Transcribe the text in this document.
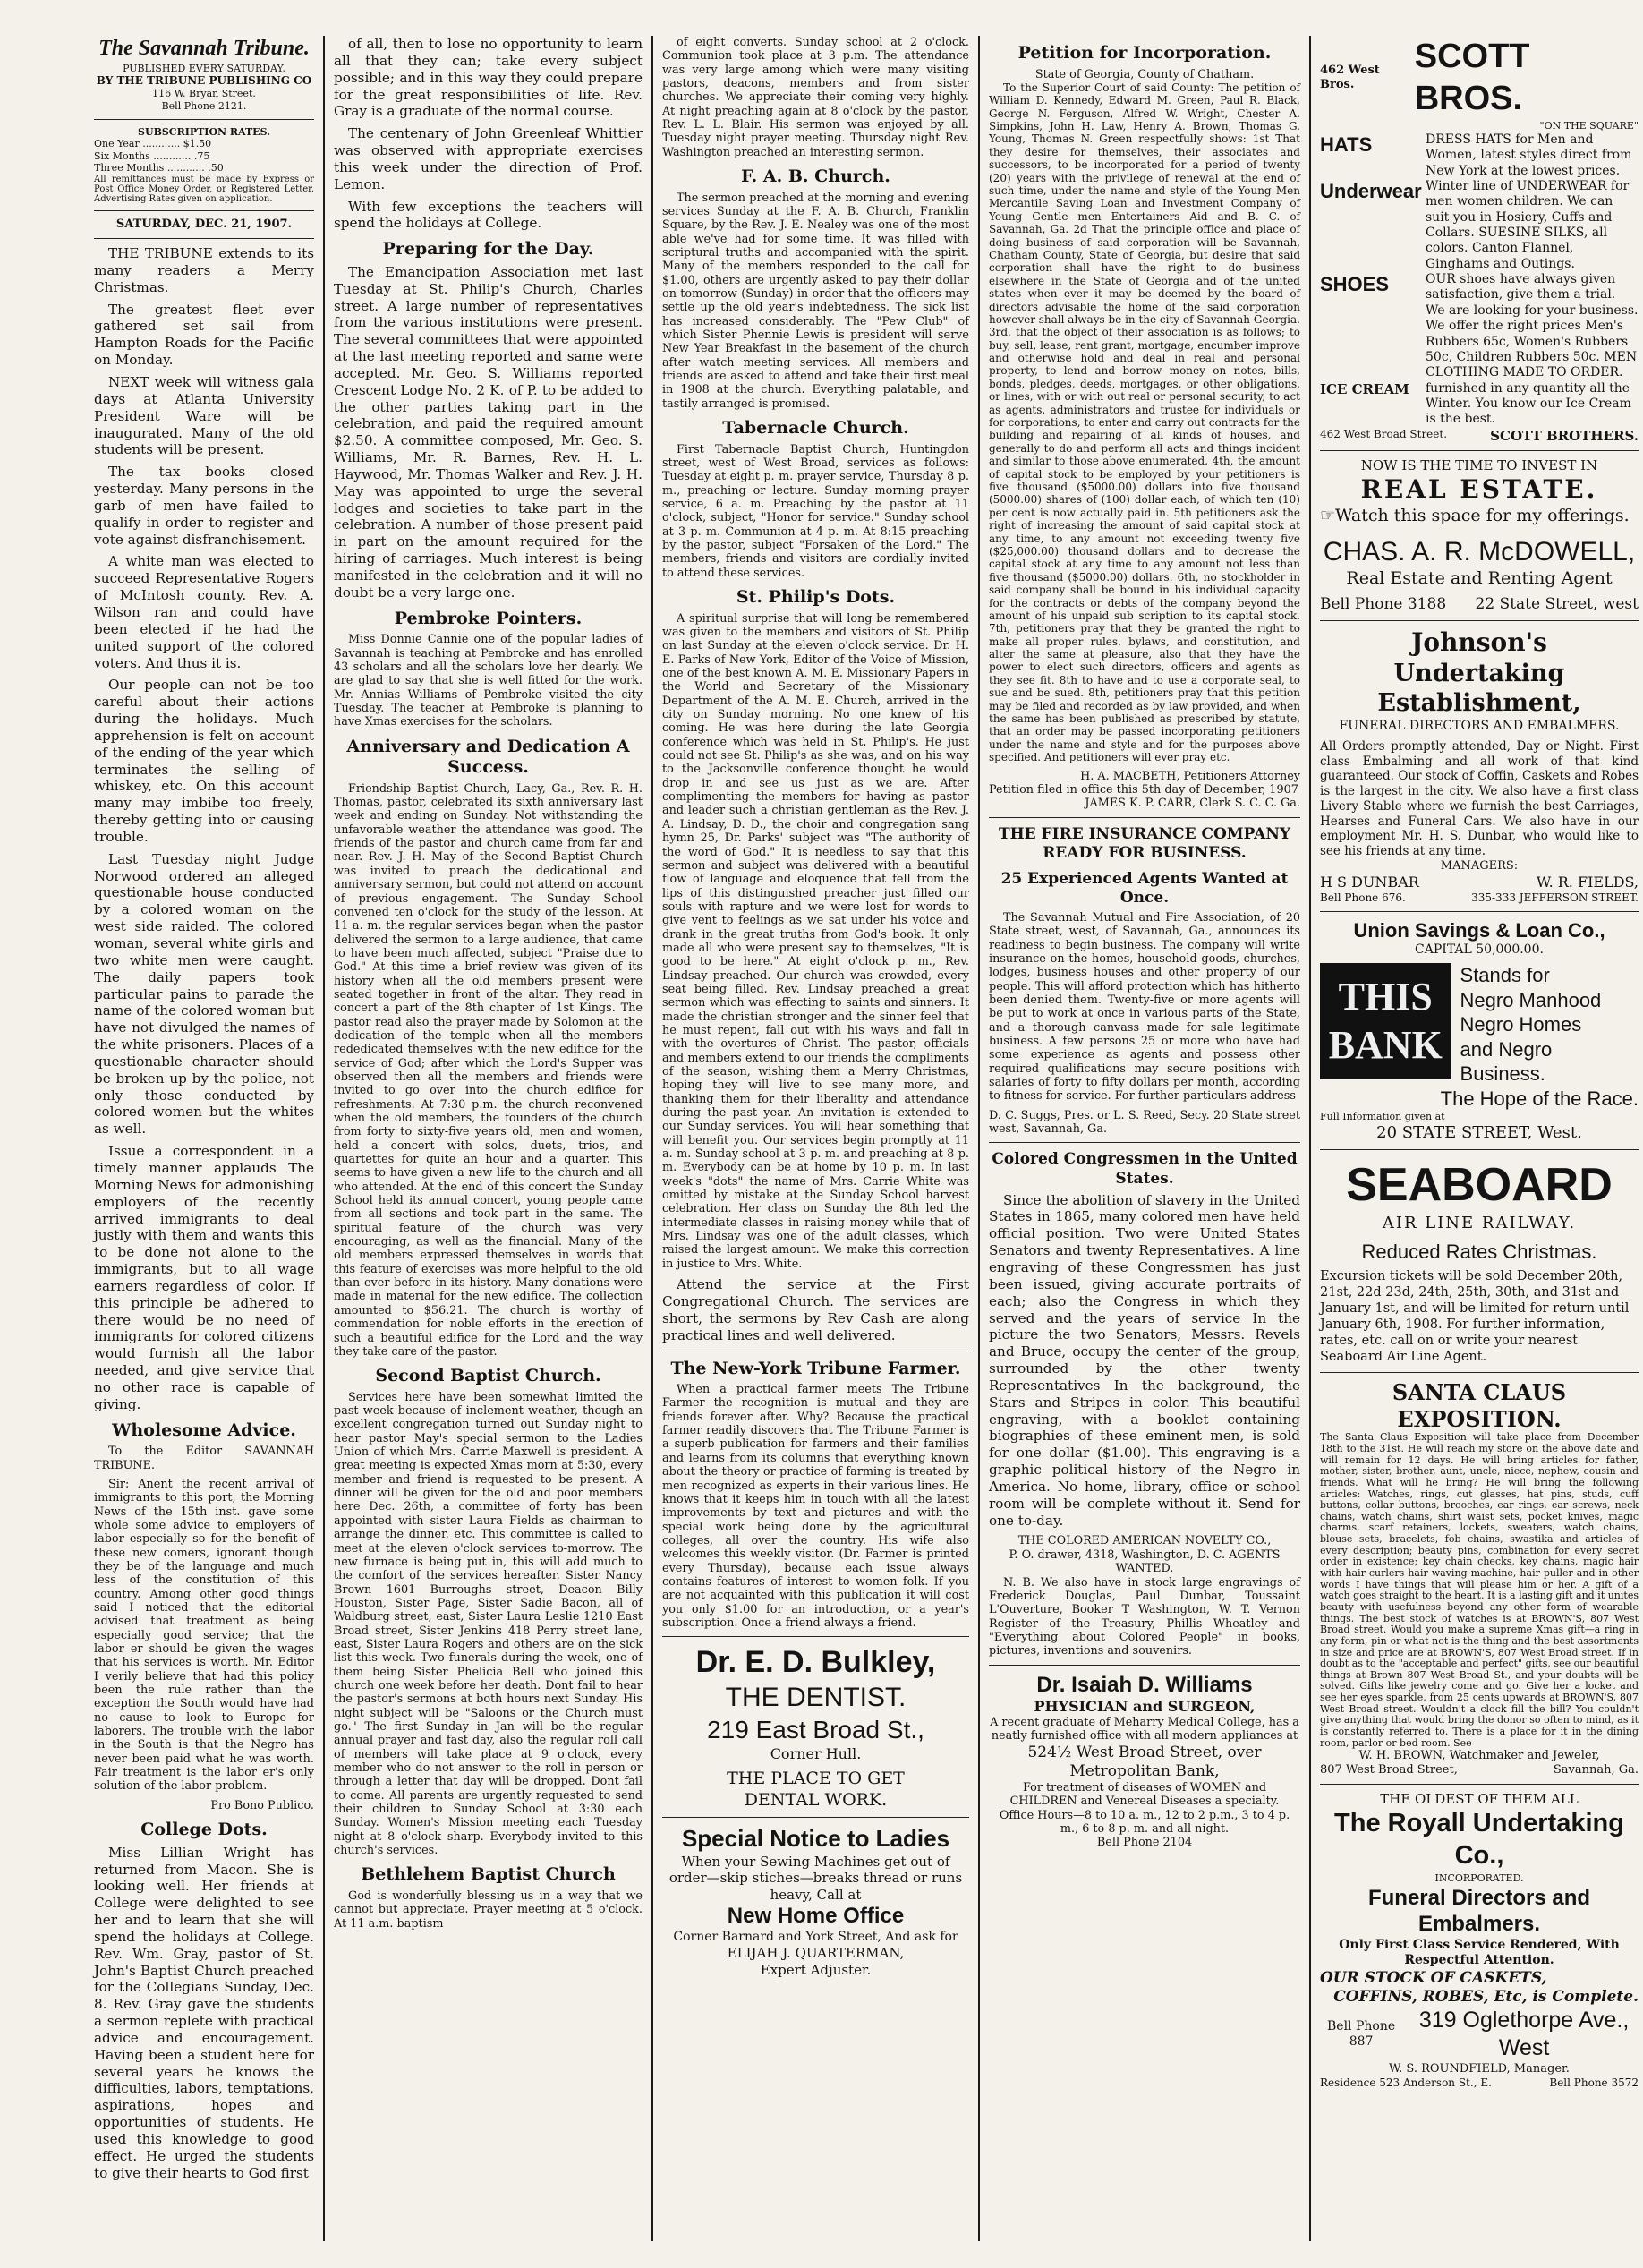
The Savannah Tribune.
PUBLISHED EVERY SATURDAY,
BY THE TRIBUNE PUBLISHING CO
116 W. Bryan Street.
Bell Phone 2121.
SUBSCRIPTION RATES.

One Year ............ $1.50

Six Months ............ .75

Three Months ............ .50

All remittances must be made by Express or Post Office Money Order, or Registered Letter. Advertising Rates given on application.
SATURDAY, DEC. 21, 1907.

THE TRIBUNE extends to its many readers a Merry Christmas.

The greatest fleet ever gathered set sail from Hampton Roads for the Pacific on Monday.

NEXT week will witness gala days at Atlanta University President Ware will be inaugurated. Many of the old students will be present.

The tax books closed yesterday. Many persons in the garb of men have failed to qualify in order to register and vote against disfranchisement.

A white man was elected to succeed Representative Rogers of McIntosh county. Rev. A. Wilson ran and could have been elected if he had the united support of the colored voters. And thus it is.

Our people can not be too careful about their actions during the holidays. Much apprehension is felt on account of the ending of the year which terminates the selling of whiskey, etc. On this account many may imbibe too freely, thereby getting into or causing trouble.

Last Tuesday night Judge Norwood ordered an alleged questionable house conducted by a colored woman on the west side raided. The colored woman, several white girls and two white men were caught. The daily papers took particular pains to parade the name of the colored woman but have not divulged the names of the white prisoners. Places of a questionable character should be broken up by the police, not only those conducted by colored women but the whites as well.

Issue a correspondent in a timely manner applauds The Morning News for admonishing employers of the recently arrived immigrants to deal justly with them and wants this to be done not alone to the immigrants, but to all wage earners regardless of color. If this principle be adhered to there would be no need of immigrants for colored citizens would furnish all the labor needed, and give service that no other race is capable of giving.

Wholesome Advice.

To the Editor SAVANNAH TRIBUNE.

Sir: Anent the recent arrival of immigrants to this port, the Morning News of the 15th inst. gave some whole some advice to employers of labor especially so for the benefit of these new comers, ignorant though they be of the language and much less of the constitution of this country. Among other good things said I noticed that the editorial advised that treatment as being especially good service; that the labor er should be given the wages that his services is worth. Mr. Editor I verily believe that had this policy been the rule rather than the exception the South would have had no cause to look to Europe for laborers. The trouble with the labor in the South is that the Negro has never been paid what he was worth. Fair treatment is the labor er's only solution of the labor problem.

Pro Bono Publico.

College Dots.

Miss Lillian Wright has returned from Macon. She is looking well. Her friends at College were delighted to see her and to learn that she will spend the holidays at College. Rev. Wm. Gray, pastor of St. John's Baptist Church preached for the Collegians Sunday, Dec. 8. Rev. Gray gave the students a sermon replete with practical advice and encouragement. Having been a student here for several years he knows the difficulties, labors, temptations, aspirations, hopes and opportunities of students. He used this knowledge to good effect. He urged the students to give their hearts to God first

of all, then to lose no opportunity to learn all that they can; take every subject possible; and in this way they could prepare for the great responsibilities of life. Rev. Gray is a graduate of the normal course.

The centenary of John Greenleaf Whittier was observed with appropriate exercises this week under the direction of Prof. Lemon.

With few exceptions the teachers will spend the holidays at College.

Preparing for the Day.

The Emancipation Association met last Tuesday at St. Philip's Church, Charles street. A large number of representatives from the various institutions were present. The several committees that were appointed at the last meeting reported and same were accepted. Mr. Geo. S. Williams reported Crescent Lodge No. 2 K. of P. to be added to the other parties taking part in the celebration, and paid the required amount $2.50. A committee composed, Mr. Geo. S. Williams, Mr. R. Barnes, Rev. H. L. Haywood, Mr. Thomas Walker and Rev. J. H. May was appointed to urge the several lodges and societies to take part in the celebration. A number of those present paid in part on the amount required for the hiring of carriages. Much interest is being manifested in the celebration and it will no doubt be a very large one.

Pembroke Pointers.

Miss Donnie Cannie one of the popular ladies of Savannah is teaching at Pembroke and has enrolled 43 scholars and all the scholars love her dearly. We are glad to say that she is well fitted for the work. Mr. Annias Williams of Pembroke visited the city Tuesday. The teacher at Pembroke is planning to have Xmas exercises for the scholars.

Anniversary and Dedication A Success.

Friendship Baptist Church, Lacy, Ga., Rev. R. H. Thomas, pastor, celebrated its sixth anniversary last week and ending on Sunday. Not withstanding the unfavorable weather the attendance was good. The friends of the pastor and church came from far and near. Rev. J. H. May of the Second Baptist Church was invited to preach the dedicational and anniversary sermon, but could not attend on account of previous engagement. The Sunday School convened ten o'clock for the study of the lesson. At 11 a. m. the regular services began when the pastor delivered the sermon to a large audience, that came to have been much affected, subject "Praise due to God." At this time a brief review was given of its history when all the old members present were seated together in front of the altar. They read in concert a part of the 8th chapter of 1st Kings. The pastor read also the prayer made by Solomon at the dedication of the temple when all the members rededicated themselves with the new edifice for the service of God; after which the Lord's Supper was observed then all the members and friends were invited to go over into the church edifice for refreshments. At 7:30 p.m. the church reconvened when the old members, the founders of the church from forty to sixty-five years old, men and women, held a concert with solos, duets, trios, and quartettes for quite an hour and a quarter. This seems to have given a new life to the church and all who attended. At the end of this concert the Sunday School held its annual concert, young people came from all sections and took part in the same. The spiritual feature of the church was very encouraging, as well as the financial. Many of the old members expressed themselves in words that this feature of exercises was more helpful to the old than ever before in its history. Many donations were made in material for the new edifice. The collection amounted to $56.21. The church is worthy of commendation for noble efforts in the erection of such a beautiful edifice for the Lord and the way they take care of the pastor.

Second Baptist Church.

Services here have been somewhat limited the past week because of inclement weather, though an excellent congregation turned out Sunday night to hear pastor May's special sermon to the Ladies Union of which Mrs. Carrie Maxwell is president. A great meeting is expected Xmas morn at 5:30, every member and friend is requested to be present. A dinner will be given for the old and poor members here Dec. 26th, a committee of forty has been appointed with sister Laura Fields as chairman to arrange the dinner, etc. This committee is called to meet at the eleven o'clock services to-morrow. The new furnace is being put in, this will add much to the comfort of the services hereafter. Sister Nancy Brown 1601 Burroughs street, Deacon Billy Houston, Sister Page, Sister Sadie Bacon, all of Waldburg street, east, Sister Laura Leslie 1210 East Broad street, Sister Jenkins 418 Perry street lane, east, Sister Laura Rogers and others are on the sick list this week. Two funerals during the week, one of them being Sister Phelicia Bell who joined this church one week before her death. Dont fail to hear the pastor's sermons at both hours next Sunday. His night subject will be "Saloons or the Church must go." The first Sunday in Jan will be the regular annual prayer and fast day, also the regular roll call of members will take place at 9 o'clock, every member who do not answer to the roll in person or through a letter that day will be dropped. Dont fail to come. All parents are urgently requested to send their children to Sunday School at 3:30 each Sunday. Women's Mission meeting each Tuesday night at 8 o'clock sharp. Everybody invited to this church's services.

Bethlehem Baptist Church

God is wonderfully blessing us in a way that we cannot but appreciate. Prayer meeting at 5 o'clock. At 11 a.m. baptism

of eight converts. Sunday school at 2 o'clock. Communion took place at 3 p.m. The attendance was very large among which were many visiting pastors, deacons, members and from sister churches. We appreciate their coming very highly. At night preaching again at 8 o'clock by the pastor, Rev. L. L. Blair. His sermon was enjoyed by all. Tuesday night prayer meeting. Thursday night Rev. Washington preached an interesting sermon.

F. A. B. Church.

The sermon preached at the morning and evening services Sunday at the F. A. B. Church, Franklin Square, by the Rev. J. E. Nealey was one of the most able we've had for some time. It was filled with scriptural truths and accompanied with the spirit. Many of the members responded to the call for $1.00, others are urgently asked to pay their dollar on tomorrow (Sunday) in order that the officers may settle up the old year's indebtedness. The sick list has increased considerably. The "Pew Club" of which Sister Phennie Lewis is president will serve New Year Breakfast in the basement of the church after watch meeting services. All members and friends are asked to attend and take their first meal in 1908 at the church. Everything palatable, and tastily arranged is promised.

Tabernacle Church.

First Tabernacle Baptist Church, Huntingdon street, west of West Broad, services as follows: Tuesday at eight p. m. prayer service, Thursday 8 p. m., preaching or lecture. Sunday morning prayer service, 6 a. m. Preaching by the pastor at 11 o'clock, subject, "Honor for service." Sunday school at 3 p. m. Communion at 4 p. m. At 8:15 preaching by the pastor, subject "Forsaken of the Lord." The members, friends and visitors are cordially invited to attend these services.

St. Philip's Dots.

A spiritual surprise that will long be remembered was given to the members and visitors of St. Philip on last Sunday at the eleven o'clock service. Dr. H. E. Parks of New York, Editor of the Voice of Mission, one of the best known A. M. E. Missionary Papers in the World and Secretary of the Missionary Department of the A. M. E. Church, arrived in the city on Sunday morning. No one knew of his coming. He was here during the late Georgia conference which was held in St. Philip's. He just could not see St. Philip's as she was, and on his way to the Jacksonville conference thought he would drop in and see us just as we are. After complimenting the members for having as pastor and leader such a christian gentleman as the Rev. J. A. Lindsay, D. D., the choir and congregation sang hymn 25, Dr. Parks' subject was "The authority of the word of God." It is needless to say that this sermon and subject was delivered with a beautiful flow of language and eloquence that fell from the lips of this distinguished preacher just filled our souls with rapture and we were lost for words to give vent to feelings as we sat under his voice and drank in the great truths from God's book. It only made all who were present say to themselves, "It is good to be here." At eight o'clock p. m., Rev. Lindsay preached. Our church was crowded, every seat being filled. Rev. Lindsay preached a great sermon which was effecting to saints and sinners. It made the christian stronger and the sinner feel that he must repent, fall out with his ways and fall in with the overtures of Christ. The pastor, officials and members extend to our friends the compliments of the season, wishing them a Merry Christmas, hoping they will live to see many more, and thanking them for their liberality and attendance during the past year. An invitation is extended to our Sunday services. You will hear something that will benefit you. Our services begin promptly at 11 a. m. Sunday school at 3 p. m. and preaching at 8 p. m. Everybody can be at home by 10 p. m. In last week's "dots" the name of Mrs. Carrie White was omitted by mistake at the Sunday School harvest celebration. Her class on Sunday the 8th led the intermediate classes in raising money while that of Mrs. Lindsay was one of the adult classes, which raised the largest amount. We make this correction in justice to Mrs. White.

Attend the service at the First Congregational Church. The services are short, the sermons by Rev Cash are along practical lines and well delivered.

The New-York Tribune Farmer.

When a practical farmer meets The Tribune Farmer the recognition is mutual and they are friends forever after. Why? Because the practical farmer readily discovers that The Tribune Farmer is a superb publication for farmers and their families and learns from its columns that everything known about the theory or practice of farming is treated by men recognized as experts in their various lines. He knows that it keeps him in touch with all the latest improvements by text and pictures and with the special work being done by the agricultural colleges, all over the country. His wife also welcomes this weekly visitor. (Dr. Farmer is printed every Thursday), because each issue always contains features of interest to women folk. If you are not acquainted with this publication it will cost you only $1.00 for an introduction, or a year's subscription. Once a friend always a friend.

Dr. E. D. Bulkley,
THE DENTIST.
219 East Broad St.,
Corner Hull.
THE PLACE TO GET
DENTAL WORK.
Special Notice to Ladies
When your Sewing Machines get out of order—skip stiches—breaks thread or runs heavy, Call at
New Home Office
Corner Barnard and York Street, And ask for
ELIJAH J. QUARTERMAN,
Expert Adjuster.
Petition for Incorporation.
State of Georgia, County of Chatham.

To the Superior Court of said County: The petition of William D. Kennedy, Edward M. Green, Paul R. Black, George N. Ferguson, Alfred W. Wright, Chester A. Simpkins, John H. Law, Henry A. Brown, Thomas G. Young, Thomas N. Green respectfully shows: 1st That they desire for themselves, their associates and successors, to be incorporated for a period of twenty (20) years with the privilege of renewal at the end of such time, under the name and style of the Young Men Mercantile Saving Loan and Investment Company of Young Gentle men Entertainers Aid and B. C. of Savannah, Ga. 2d That the principle office and place of doing business of said corporation will be Savannah, Chatham County, State of Georgia, but desire that said corporation shall have the right to do business elsewhere in the State of Georgia and of the united states when ever it may be deemed by the board of directors advisable the home of the said corporation however shall always be in the city of Savannah Georgia. 3rd. that the object of their association is as follows; to buy, sell, lease, rent grant, mortgage, encumber improve and otherwise hold and deal in real and personal property, to lend and borrow money on notes, bills, bonds, pledges, deeds, mortgages, or other obligations, or lines, with or with out real or personal security, to act as agents, administrators and trustee for individuals or for corporations, to enter and carry out contracts for the building and repairing of all kinds of houses, and generally to do and perform all acts and things incident and similar to those above enumerated. 4th, the amount of capital stock to be employed by your petitioners is five thousand ($5000.00) dollars into five thousand (5000.00) shares of (100) dollar each, of which ten (10) per cent is now actually paid in. 5th petitioners ask the right of increasing the amount of said capital stock at any time, to any amount not exceeding twenty five ($25,000.00) thousand dollars and to decrease the capital stock at any time to any amount not less than five thousand ($5000.00) dollars. 6th, no stockholder in said company shall be bound in his individual capacity for the contracts or debts of the company beyond the amount of his unpaid sub scription to its capital stock. 7th, petitioners pray that they be granted the right to make all proper rules, bylaws, and constitution, and alter the same at pleasure, also that they have the power to elect such directors, officers and agents as they see fit. 8th to have and to use a corporate seal, to sue and be sued. 8th, petitioners pray that this petition may be filed and recorded as by law provided, and when the same has been published as prescribed by statute, that an order may be passed incorporating petitioners under the name and style and for the purposes above specified. And petitioners will ever pray etc.

H. A. MACBETH, Petitioners Attorney
Petition filed in office this 5th day of December, 1907
JAMES K. P. CARR, Clerk S. C. C. Ga.
THE FIRE INSURANCE COMPANY READY FOR BUSINESS.
25 Experienced Agents Wanted at Once.

The Savannah Mutual and Fire Association, of 20 State street, west, of Savannah, Ga., announces its readiness to begin business. The company will write insurance on the homes, household goods, churches, lodges, business houses and other property of our people. This will afford protection which has hitherto been denied them. Twenty-five or more agents will be put to work at once in various parts of the State, and a thorough canvass made for sale legitimate business. A few persons 25 or more who have had some experience as agents and possess other required qualifications may secure positions with salaries of forty to fifty dollars per month, according to fitness for service. For further particulars address

D. C. Suggs, Pres. or L. S. Reed, Secy. 20 State street west, Savannah, Ga.
Colored Congressmen in the United States.

Since the abolition of slavery in the United States in 1865, many colored men have held official position. Two were United States Senators and twenty Representatives. A line engraving of these Congressmen has just been issued, giving accurate portraits of each; also the Congress in which they served and the years of service In the picture the two Senators, Messrs. Revels and Bruce, occupy the center of the group, surrounded by the other twenty Representatives In the background, the Stars and Stripes in color. This beautiful engraving, with a booklet containing biographies of these eminent men, is sold for one dollar ($1.00). This engraving is a graphic political history of the Negro in America. No home, library, office or school room will be complete without it. Send for one to-day.

THE COLORED AMERICAN NOVELTY CO.,
P. O. drawer, 4318, Washington, D. C. AGENTS WANTED.

N. B. We also have in stock large engravings of Frederick Douglas, Paul Dunbar, Toussaint L'Ouverture, Booker T Washington, W. T. Vernon Register of the Treasury, Phillis Wheatley and "Everything about Colored People" in books, pictures, inventions and souvenirs.

Dr. Isaiah D. Williams
PHYSICIAN and SURGEON,
A recent graduate of Meharry Medical College, has a neatly furnished office with all modern appliances at
524½ West Broad Street, over Metropolitan Bank,
For treatment of diseases of WOMEN and CHILDREN and Venereal Diseases a specialty.
Office Hours—8 to 10 a. m., 12 to 2 p.m., 3 to 4 p. m., 6 to 8 p. m. and all night.
Bell Phone 2104
462 West Bros.
SCOTT BROS.
"ON THE SQUARE"
HATS	DRESS HATS for Men and Women, latest styles direct from New York at the lowest prices.
Underwear Winter line of UNDERWEAR for men women children. We can suit you in Hosiery, Cuffs and Collars. SUESINE SILKS, all colors. Canton Flannel, Ginghams and Outings.
SHOES	OUR shoes have always given satisfaction, give them a trial. We are looking for your business. We offer the right prices Men's Rubbers 65c, Women's Rubbers 50c, Children Rubbers 50c. MEN CLOTHING MADE TO ORDER.
ICE CREAM	furnished in any quantity all the Winter. You know our Ice Cream is the best.
462 West Broad Street.	SCOTT BROTHERS.
NOW IS THE TIME TO INVEST IN
REAL ESTATE.
☞Watch this space for my offerings.
CHAS. A. R. McDOWELL,
Real Estate and Renting Agent
Bell Phone 3188 22 State Street, west
Johnson's
Undertaking Establishment,
FUNERAL DIRECTORS AND EMBALMERS.
All Orders promptly attended, Day or Night. First class Embalming and all work of that kind guaranteed. Our stock of Coffin, Caskets and Robes is the largest in the city. We also have a first class Livery Stable where we furnish the best Carriages, Hearses and Funeral Cars. We also have in our employment Mr. H. S. Dunbar, who would like to see his friends at any time.
MANAGERS:
H S DUNBAR	W. R. FIELDS,
Bell Phone 676.	335-333 JEFFERSON STREET.
Union Savings & Loan Co.,
CAPITAL 50,000.00.
THIS
BANK
Stands for
Negro Manhood
Negro Homes
and Negro Business.
The Hope of the Race.
Full Information given at
20 STATE STREET, West.
SEABOARD
AIR LINE RAILWAY.
Reduced Rates Christmas.
Excursion tickets will be sold December 20th, 21st, 22d 23d, 24th, 25th, 30th, and 31st and January 1st, and will be limited for return until January 6th, 1908. For further information, rates, etc. call on or write your nearest Seaboard Air Line Agent.
SANTA CLAUS EXPOSITION.
The Santa Claus Exposition will take place from December 18th to the 31st. He will reach my store on the above date and will remain for 12 days. He will bring articles for father, mother, sister, brother, aunt, uncle, niece, nephew, cousin and friends. What will he bring? He will bring the following articles: Watches, rings, cut glasses, hat pins, studs, cuff buttons, collar buttons, brooches, ear rings, ear screws, neck chains, watch chains, shirt waist sets, pocket knives, magic charms, scarf retainers, lockets, sweaters, watch chains, blouse sets, bracelets, fob chains, swastika and articles of every description; beauty pins, combination for every secret order in existence; key chain checks, key chains, magic hair with hair curlers hair waving machine, hair puller and in other words I have things that will please him or her. A gift of a watch goes straight to the heart. It is a lasting gift and it unites beauty with usefulness beyond any other form of wearable things. The best stock of watches is at BROWN'S, 807 West Broad street. Would you make a supreme Xmas gift—a ring in any form, pin or what not is the thing and the best assortments in size and price are at BROWN'S, 807 West Broad street. If in doubt as to the "acceptable and perfect" gifts, see our beautiful things at Brown 807 West Broad St., and your doubts will be solved. Gifts like jewelry come and go. Give her a locket and see her eyes sparkle, from 25 cents upwards at BROWN'S, 807 West Broad street. Wouldn't a clock fill the bill? You couldn't give anything that would bring the donor so often to mind, as it is constantly referred to. There is a place for it in the dining room, parlor or bed room. See
W. H. BROWN, Watchmaker and Jeweler,
807 West Broad Street,	Savannah, Ga.
THE OLDEST OF THEM ALL
The Royall Undertaking Co.,
INCORPORATED.
Funeral Directors and Embalmers.
Only First Class Service Rendered, With Respectful Attention.
OUR STOCK OF CASKETS,
COFFINS, ROBES, Etc, is Complete.
Bell Phone 887
319 Oglethorpe Ave., West
W. S. ROUNDFIELD, Manager.
Residence 523 Anderson St., E.	Bell Phone 3572
